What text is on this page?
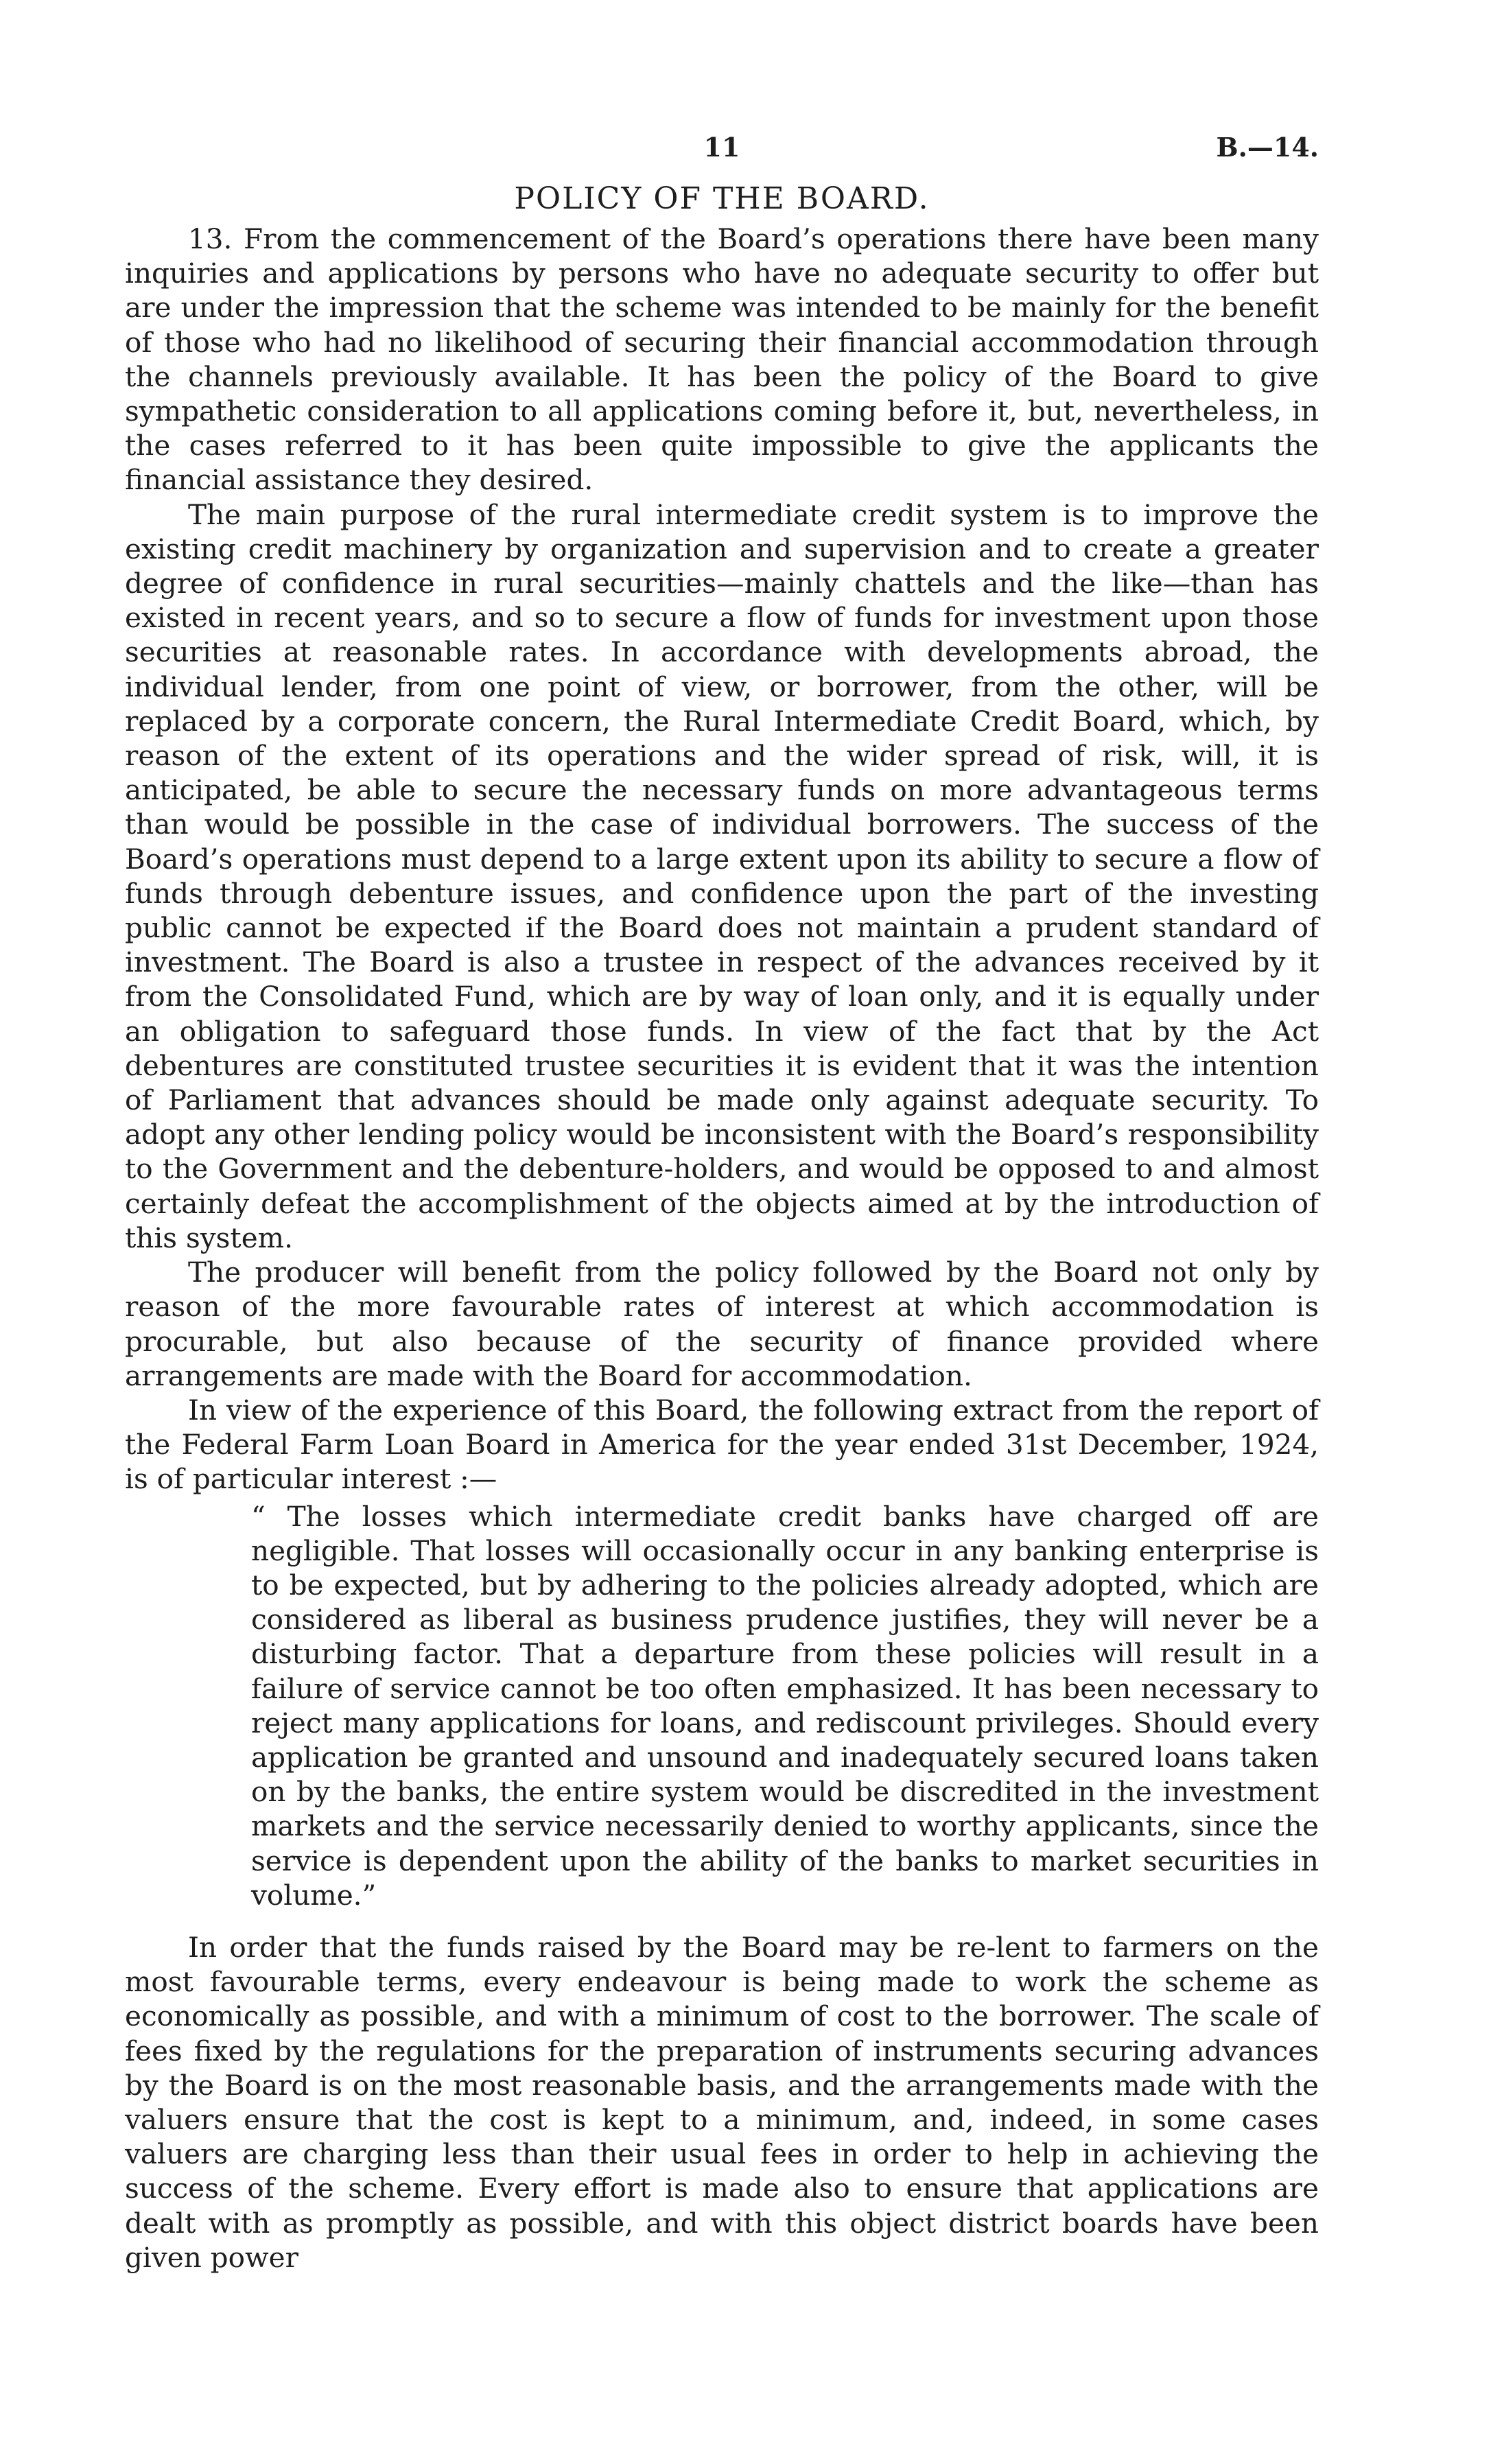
11	B.—14.
POLICY OF THE BOARD.

13. From the commencement of the Board’s operations there have been many inquiries and applications by persons who have no adequate security to offer but are under the impression that the scheme was intended to be mainly for the benefit of those who had no likelihood of securing their financial accommodation through the channels previously available. It has been the policy of the Board to give sympathetic consideration to all applications coming before it, but, nevertheless, in the cases referred to it has been quite impossible to give the applicants the financial assistance they desired.

The main purpose of the rural intermediate credit system is to improve the existing credit machinery by organization and supervision and to create a greater degree of confidence in rural securities—mainly chattels and the like—than has existed in recent years, and so to secure a flow of funds for investment upon those securities at reasonable rates. In accordance with developments abroad, the individual lender, from one point of view, or borrower, from the other, will be replaced by a corporate concern, the Rural Intermediate Credit Board, which, by reason of the extent of its operations and the wider spread of risk, will, it is anticipated, be able to secure the necessary funds on more advantageous terms than would be possible in the case of individual borrowers. The success of the Board’s operations must depend to a large extent upon its ability to secure a flow of funds through debenture issues, and confidence upon the part of the investing public cannot be expected if the Board does not maintain a prudent standard of investment. The Board is also a trustee in respect of the advances received by it from the Consolidated Fund, which are by way of loan only, and it is equally under an obligation to safeguard those funds. In view of the fact that by the Act debentures are constituted trustee securities it is evident that it was the intention of Parliament that advances should be made only against adequate security. To adopt any other lending policy would be inconsistent with the Board’s responsibility to the Government and the debenture-holders, and would be opposed to and almost certainly defeat the accomplishment of the objects aimed at by the introduction of this system.

The producer will benefit from the policy followed by the Board not only by reason of the more favourable rates of interest at which accommodation is procurable, but also because of the security of finance provided where arrangements are made with the Board for accommodation.

In view of the experience of this Board, the following extract from the report of the Federal Farm Loan Board in America for the year ended 31st December, 1924, is of particular interest :—

“ The losses which intermediate credit banks have charged off are negligible. That losses will occasionally occur in any banking enterprise is to be expected, but by adhering to the policies already adopted, which are considered as liberal as business prudence justifies, they will never be a disturbing factor. That a departure from these policies will result in a failure of service cannot be too often emphasized. It has been necessary to reject many applications for loans, and rediscount privileges. Should every application be granted and unsound and inadequately secured loans taken on by the banks, the entire system would be discredited in the investment markets and the service necessarily denied to worthy applicants, since the service is dependent upon the ability of the banks to market securities in volume.”

In order that the funds raised by the Board may be re-lent to farmers on the most favourable terms, every endeavour is being made to work the scheme as economically as possible, and with a minimum of cost to the borrower. The scale of fees fixed by the regulations for the preparation of instruments securing advances by the Board is on the most reasonable basis, and the arrangements made with the valuers ensure that the cost is kept to a minimum, and, indeed, in some cases valuers are charging less than their usual fees in order to help in achieving the success of the scheme. Every effort is made also to ensure that applications are dealt with as promptly as possible, and with this object district boards have been given power
